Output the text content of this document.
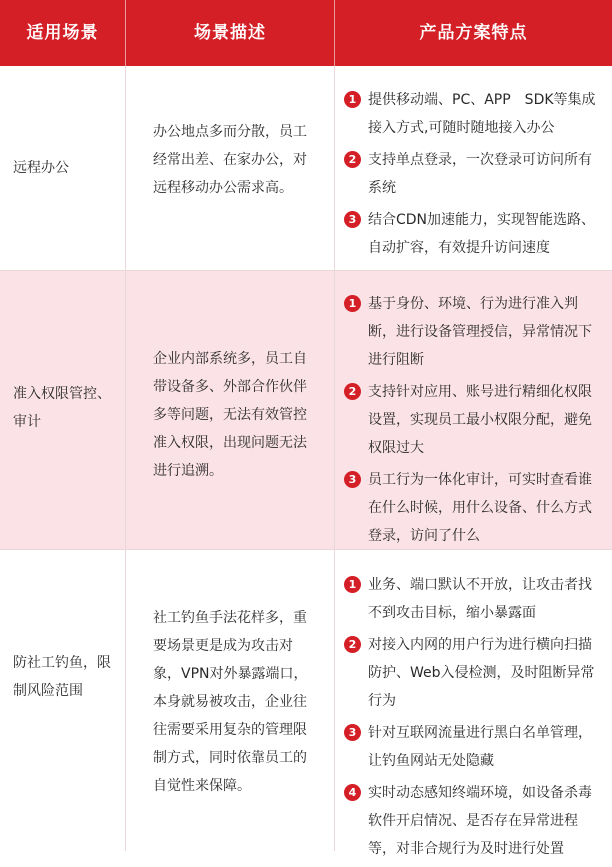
适用场景	场景描述	产品方案特点
远程办公
办公地点多而分散，员工经常出差、在家办公，对远程移动办公需求高。
1 提供移动端、PC、APP　SDK等集成接入方式,可随时随地接入办公
2 支持单点登录，一次登录可访问所有系统
3 结合CDN加速能力，实现智能选路、自动扩容，有效提升访问速度
准入权限管控、审计
企业内部系统多，员工自带设备多、外部合作伙伴多等问题，无法有效管控准入权限，出现问题无法进行追溯。
1 基于身份、环境、行为进行准入判断，进行设备管理授信，异常情况下进行阻断
2 支持针对应用、账号进行精细化权限设置，实现员工最小权限分配，避免权限过大
3 员工行为一体化审计，可实时查看谁在什么时候，用什么设备、什么方式登录，访问了什么
防社工钓鱼，限制风险范围
社工钓鱼手法花样多，重要场景更是成为攻击对象，VPN对外暴露端口，本身就易被攻击，企业往往需要采用复杂的管理限制方式，同时依靠员工的自觉性来保障。
1 业务、端口默认不开放，让攻击者找不到攻击目标，缩小暴露面
2 对接入内网的用户行为进行横向扫描防护、Web入侵检测，及时阻断异常行为
3 针对互联网流量进行黑白名单管理，让钓鱼网站无处隐藏
4 实时动态感知终端环境，如设备杀毒软件开启情况、是否存在异常进程等，对非合规行为及时进行处置
